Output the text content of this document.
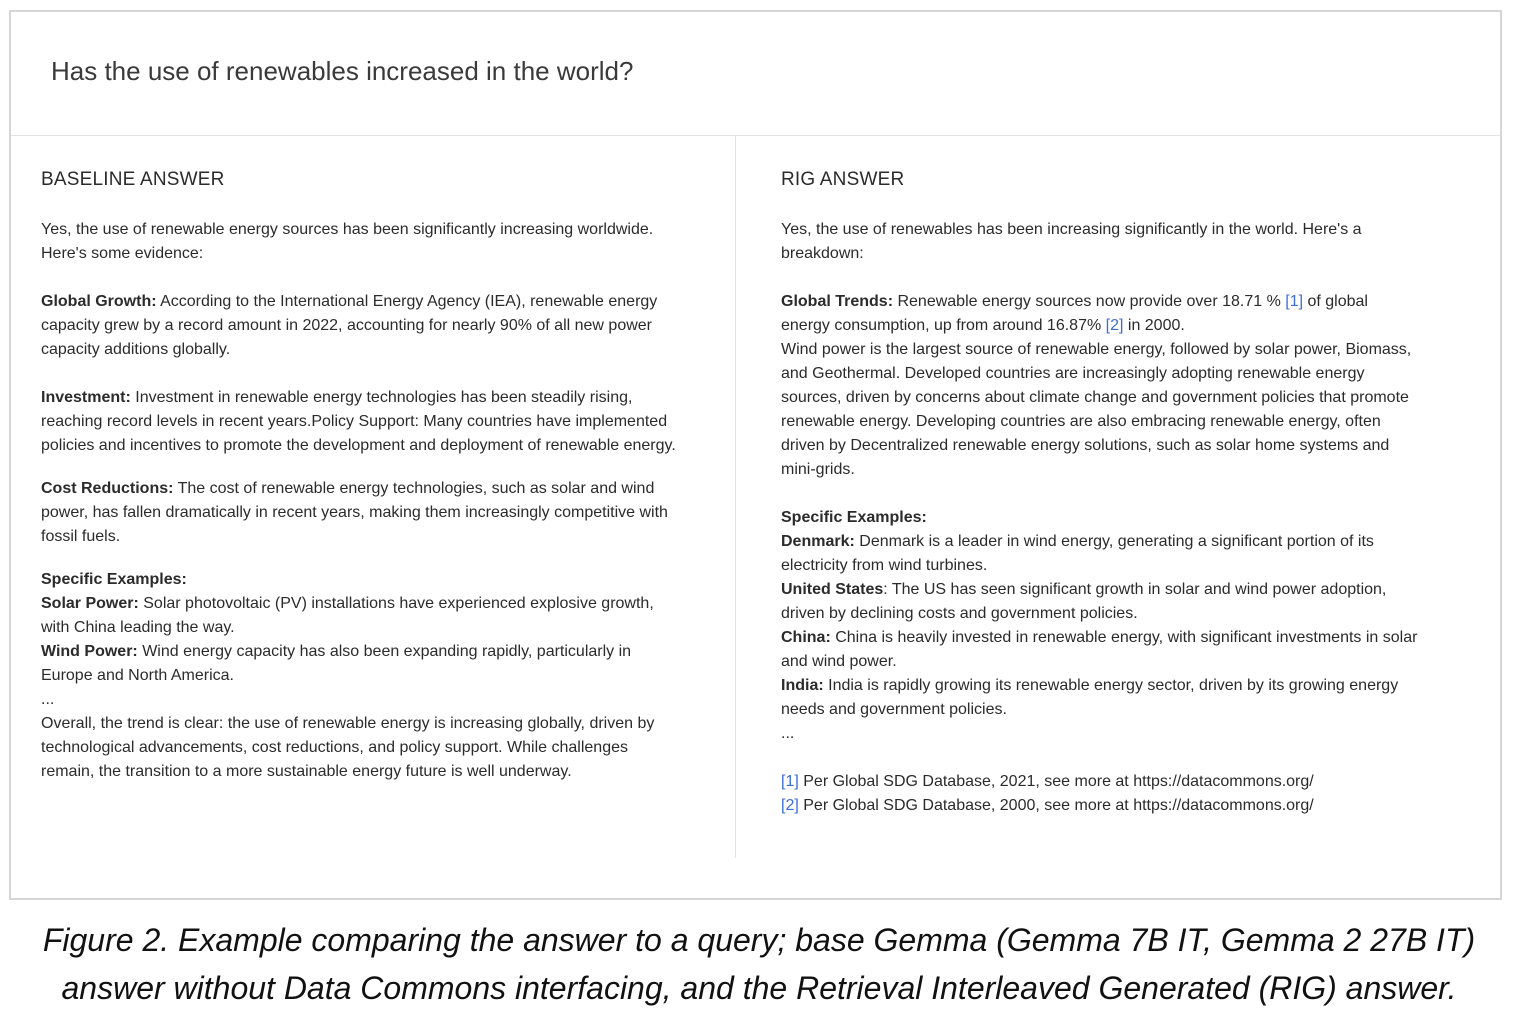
Has the use of renewables increased in the world?
BASELINE ANSWER

Yes, the use of renewable energy sources has been significantly increasing worldwide. Here's some evidence:

Global Growth: According to the International Energy Agency (IEA), renewable energy capacity grew by a record amount in 2022, accounting for nearly 90% of all new power capacity additions globally.

Investment: Investment in renewable energy technologies has been steadily rising, reaching record levels in recent years.Policy Support: Many countries have implemented policies and incentives to promote the development and deployment of renewable energy.

Cost Reductions: The cost of renewable energy technologies, such as solar and wind power, has fallen dramatically in recent years, making them increasingly competitive with fossil fuels.

Specific Examples:

Solar Power: Solar photovoltaic (PV) installations have experienced explosive growth, with China leading the way.

Wind Power: Wind energy capacity has also been expanding rapidly, particularly in Europe and North America.

...

Overall, the trend is clear: the use of renewable energy is increasing globally, driven by technological advancements, cost reductions, and policy support. While challenges remain, the transition to a more sustainable energy future is well underway.

RIG ANSWER

Yes, the use of renewables has been increasing significantly in the world. Here's a breakdown:

Global Trends: Renewable energy sources now provide over 18.71 % [1] of global energy consumption, up from around 16.87% [2] in 2000.

Wind power is the largest source of renewable energy, followed by solar power, Biomass, and Geothermal. Developed countries are increasingly adopting renewable energy sources, driven by concerns about climate change and government policies that promote renewable energy. Developing countries are also embracing renewable energy, often driven by Decentralized renewable energy solutions, such as solar home systems and mini-grids.

Specific Examples:

Denmark: Denmark is a leader in wind energy, generating a significant portion of its electricity from wind turbines.

United States: The US has seen significant growth in solar and wind power adoption, driven by declining costs and government policies.

China: China is heavily invested in renewable energy, with significant investments in solar and wind power.

India: India is rapidly growing its renewable energy sector, driven by its growing energy needs and government policies.

...

[1] Per Global SDG Database, 2021, see more at https://datacommons.org/

[2] Per Global SDG Database, 2000, see more at https://datacommons.org/

Figure 2. Example comparing the answer to a query; base Gemma (Gemma 7B IT, Gemma 2 27B IT)
answer without Data Commons interfacing, and the Retrieval Interleaved Generated (RIG) answer.
